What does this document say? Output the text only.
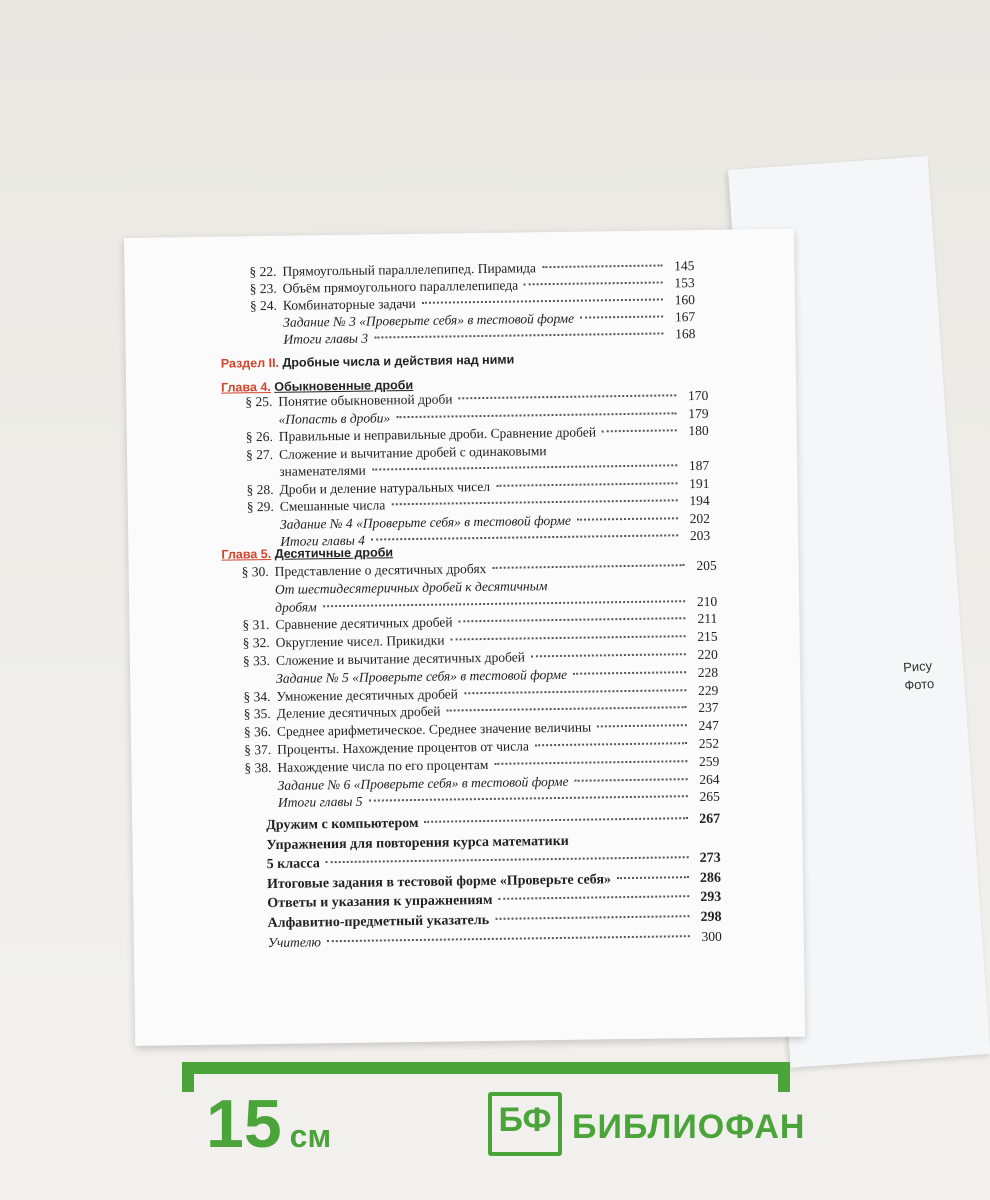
Рису
Фото
§ 22. Прямоугольный параллелепипед. Пирамида	145
§ 23. Объём прямоугольного параллелепипеда	153
§ 24. Комбинаторные задачи	160
Задание № 3 «Проверьте себя» в тестовой форме	167
Итоги главы 3	168
Раздел II. Дробные числа и действия над ними
Глава 4. Обыкновенные дроби
§ 25. Понятие обыкновенной дроби	170
«Попасть в дроби»	179
§ 26. Правильные и неправильные дроби. Сравнение дробей	180
§ 27. Сложение и вычитание дробей с одинаковыми
знаменателями	187
§ 28. Дроби и деление натуральных чисел	191
§ 29. Смешанные числа	194
Задание № 4 «Проверьте себя» в тестовой форме	202
Итоги главы 4	203
Глава 5. Десятичные дроби
§ 30. Представление о десятичных дробях	205
От шестидесятеричных дробей к десятичным
дробям	210
§ 31. Сравнение десятичных дробей	211
§ 32. Округление чисел. Прикидки	215
§ 33. Сложение и вычитание десятичных дробей	220
Задание № 5 «Проверьте себя» в тестовой форме	228
§ 34. Умножение десятичных дробей	229
§ 35. Деление десятичных дробей	237
§ 36. Среднее арифметическое. Среднее значение величины	247
§ 37. Проценты. Нахождение процентов от числа	252
§ 38. Нахождение числа по его процентам	259
Задание № 6 «Проверьте себя» в тестовой форме	264
Итоги главы 5	265
Дружим с компьютером	267
Упражнения для повторения курса математики
5 класса	273
Итоговые задания в тестовой форме «Проверьте себя»	286
Ответы и указания к упражнениям	293
Алфавитно-предметный указатель	298
Учителю	300
15 см	БФ БИБЛИОФАН
